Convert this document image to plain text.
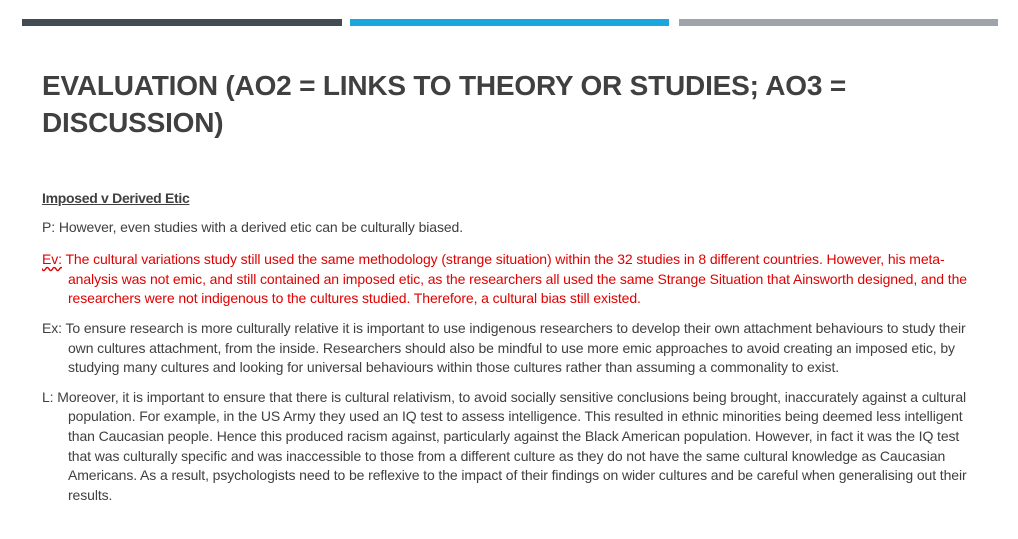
EVALUATION (AO2 = LINKS TO THEORY OR STUDIES; AO3 = DISCUSSION)
Imposed v Derived Etic

P: However, even studies with a derived etic can be culturally biased.

Ev: The cultural variations study still used the same methodology (strange situation) within the 32 studies in 8 different countries. However, his meta-analysis was not emic, and still contained an imposed etic, as the researchers all used the same Strange Situation that Ainsworth designed, and the researchers were not indigenous to the cultures studied. Therefore, a cultural bias still existed.

Ex: To ensure research is more culturally relative it is important to use indigenous researchers to develop their own attachment behaviours to study their own cultures attachment, from the inside. Researchers should also be mindful to use more emic approaches to avoid creating an imposed etic, by studying many cultures and looking for universal behaviours within those cultures rather than assuming a commonality to exist.

L: Moreover, it is important to ensure that there is cultural relativism, to avoid socially sensitive conclusions being brought, inaccurately against a cultural population. For example, in the US Army they used an IQ test to assess intelligence. This resulted in ethnic minorities being deemed less intelligent than Caucasian people. Hence this produced racism against, particularly against the Black American population. However, in fact it was the IQ test that was culturally specific and was inaccessible to those from a different culture as they do not have the same cultural knowledge as Caucasian Americans. As a result, psychologists need to be reflexive to the impact of their findings on wider cultures and be careful when generalising out their results.
